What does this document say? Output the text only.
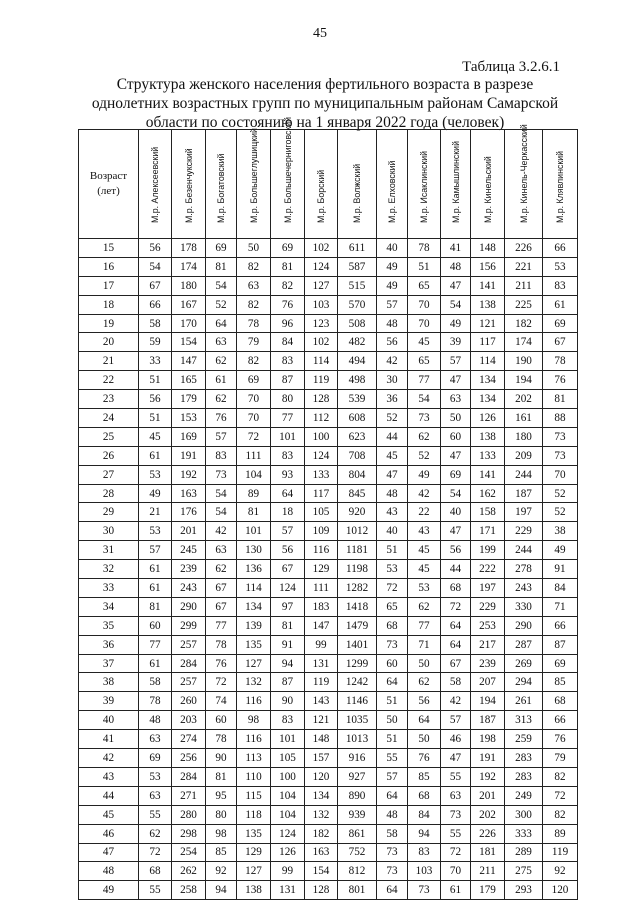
45
Таблица 3.2.6.1
Структура женского населения фертильного возраста в разрезе
однолетних возрастных групп по муниципальным районам Самарской
области по состоянию на 1 января 2022 года (человек)
Возраст
(лет)	М.р. Алексеевский	М.р. Безенчукский	М.р. Богатовский	М.р. Большеглушицкий	М.р. Большечерниговский	М.р. Борский	М.р. Волжский	М.р. Елховский	М.р. Исаклинский	М.р. Камышлинский	М.р. Кинельский	М.р. Кинель-Черкасский	М.р. Клявлинский

15	56	178	69	50	69	102	611	40	78	41	148	226	66
16	54	174	81	82	81	124	587	49	51	48	156	221	53
17	67	180	54	63	82	127	515	49	65	47	141	211	83
18	66	167	52	82	76	103	570	57	70	54	138	225	61
19	58	170	64	78	96	123	508	48	70	49	121	182	69
20	59	154	63	79	84	102	482	56	45	39	117	174	67
21	33	147	62	82	83	114	494	42	65	57	114	190	78
22	51	165	61	69	87	119	498	30	77	47	134	194	76
23	56	179	62	70	80	128	539	36	54	63	134	202	81
24	51	153	76	70	77	112	608	52	73	50	126	161	88
25	45	169	57	72	101	100	623	44	62	60	138	180	73
26	61	191	83	111	83	124	708	45	52	47	133	209	73
27	53	192	73	104	93	133	804	47	49	69	141	244	70
28	49	163	54	89	64	117	845	48	42	54	162	187	52
29	21	176	54	81	18	105	920	43	22	40	158	197	52
30	53	201	42	101	57	109	1012	40	43	47	171	229	38
31	57	245	63	130	56	116	1181	51	45	56	199	244	49
32	61	239	62	136	67	129	1198	53	45	44	222	278	91
33	61	243	67	114	124	111	1282	72	53	68	197	243	84
34	81	290	67	134	97	183	1418	65	62	72	229	330	71
35	60	299	77	139	81	147	1479	68	77	64	253	290	66
36	77	257	78	135	91	99	1401	73	71	64	217	287	87
37	61	284	76	127	94	131	1299	60	50	67	239	269	69
38	58	257	72	132	87	119	1242	64	62	58	207	294	85
39	78	260	74	116	90	143	1146	51	56	42	194	261	68
40	48	203	60	98	83	121	1035	50	64	57	187	313	66
41	63	274	78	116	101	148	1013	51	50	46	198	259	76
42	69	256	90	113	105	157	916	55	76	47	191	283	79
43	53	284	81	110	100	120	927	57	85	55	192	283	82
44	63	271	95	115	104	134	890	64	68	63	201	249	72
45	55	280	80	118	104	132	939	48	84	73	202	300	82
46	62	298	98	135	124	182	861	58	94	55	226	333	89
47	72	254	85	129	126	163	752	73	83	72	181	289	119
48	68	262	92	127	99	154	812	73	103	70	211	275	92
49	55	258	94	138	131	128	801	64	73	61	179	293	120
